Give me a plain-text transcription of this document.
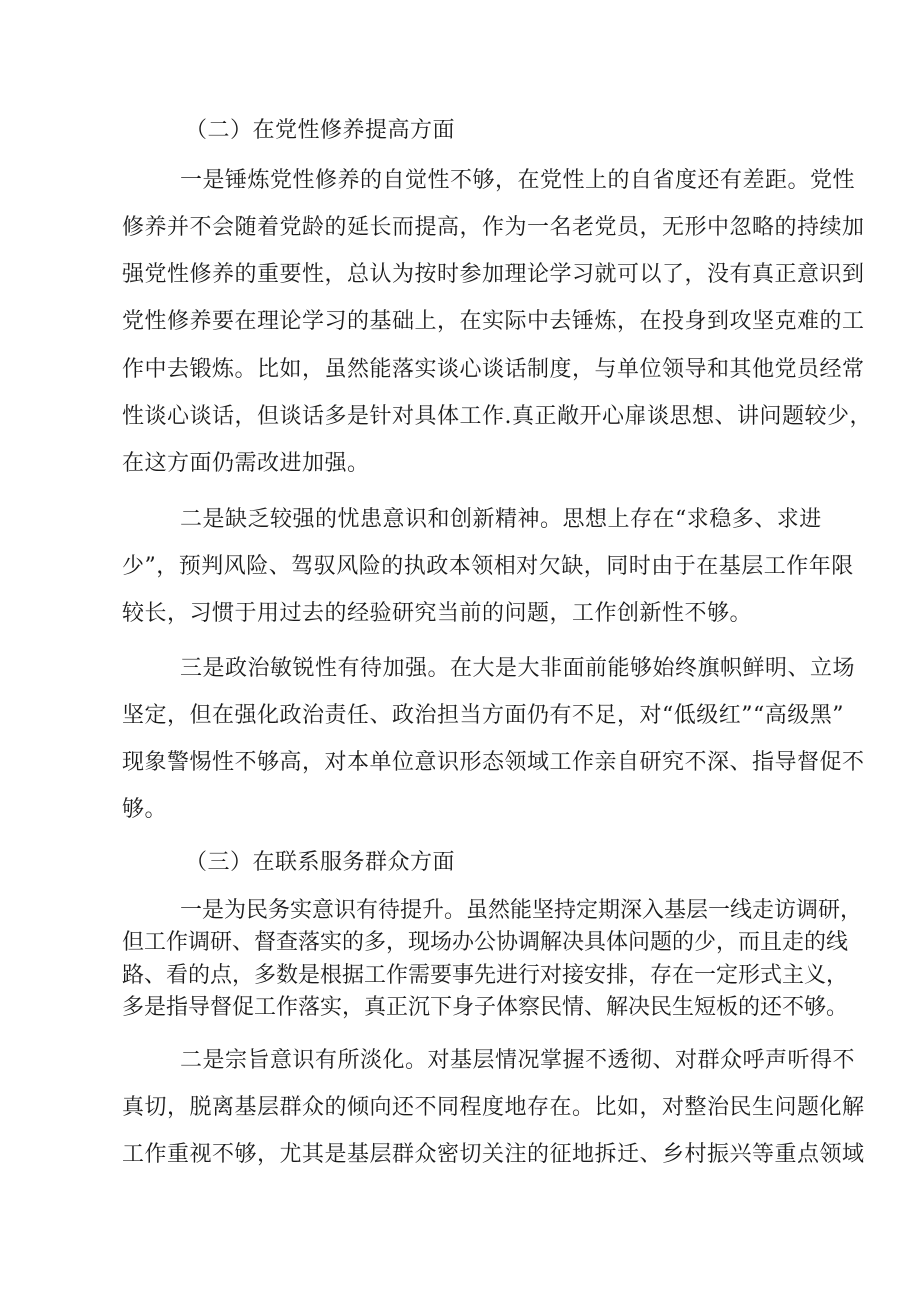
（二）在党性修养提高方面
一是锤炼党性修养的自觉性不够，在党性上的自省度还有差距。党性
修养并不会随着党龄的延长而提高，作为一名老党员，无形中忽略的持续加
强党性修养的重要性，总认为按时参加理论学习就可以了，没有真正意识到
党性修养要在理论学习的基础上，在实际中去锤炼，在投身到攻坚克难的工
作中去锻炼。比如，虽然能落实谈心谈话制度，与单位领导和其他党员经常
性谈心谈话，但谈话多是针对具体工作.真正敞开心扉谈思想、讲问题较少，
在这方面仍需改进加强。
二是缺乏较强的忧患意识和创新精神。思想上存在“求稳多、求进
少”，预判风险、驾驭风险的执政本领相对欠缺，同时由于在基层工作年限
较长，习惯于用过去的经验研究当前的问题，工作创新性不够。
三是政治敏锐性有待加强。在大是大非面前能够始终旗帜鲜明、立场
坚定，但在强化政治责任、政治担当方面仍有不足，对“低级红”“高级黑”
现象警惕性不够高，对本单位意识形态领域工作亲自研究不深、指导督促不
够。
（三）在联系服务群众方面
一是为民务实意识有待提升。虽然能坚持定期深入基层一线走访调研，
但工作调研、督查落实的多，现场办公协调解决具体问题的少，而且走的线
路、看的点，多数是根据工作需要事先进行对接安排，存在一定形式主义，
多是指导督促工作落实，真正沉下身子体察民情、解决民生短板的还不够。
二是宗旨意识有所淡化。对基层情况掌握不透彻、对群众呼声听得不
真切，脱离基层群众的倾向还不同程度地存在。比如，对整治民生问题化解
工作重视不够，尤其是基层群众密切关注的征地拆迁、乡村振兴等重点领域
